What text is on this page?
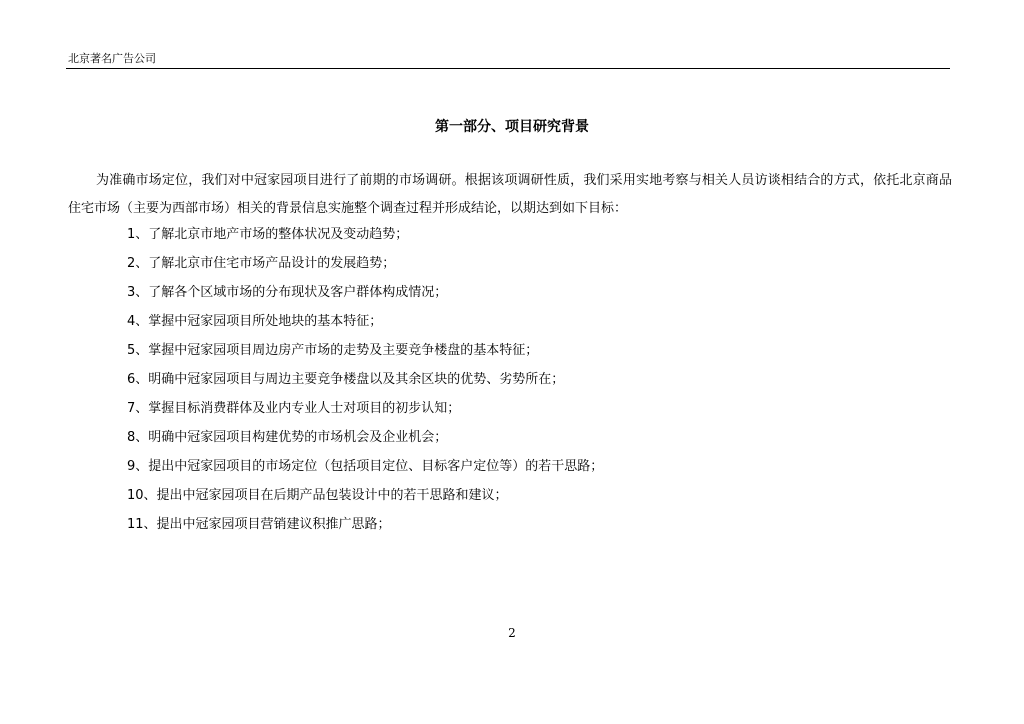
北京著名广告公司
第一部分、项目研究背景
为准确市场定位，我们对中冠家园项目进行了前期的市场调研。根据该项调研性质，我们采用实地考察与相关人员访谈相结合的方式，依托北京商品住宅市场（主要为西部市场）相关的背景信息实施整个调查过程并形成结论，以期达到如下目标：
1、了解北京市地产市场的整体状况及变动趋势；
2、了解北京市住宅市场产品设计的发展趋势；
3、了解各个区域市场的分布现状及客户群体构成情况；
4、掌握中冠家园项目所处地块的基本特征；
5、掌握中冠家园项目周边房产市场的走势及主要竞争楼盘的基本特征；
6、明确中冠家园项目与周边主要竞争楼盘以及其余区块的优势、劣势所在；
7、掌握目标消费群体及业内专业人士对项目的初步认知；
8、明确中冠家园项目构建优势的市场机会及企业机会；
9、提出中冠家园项目的市场定位（包括项目定位、目标客户定位等）的若干思路；
10、提出中冠家园项目在后期产品包装设计中的若干思路和建议；
11、提出中冠家园项目营销建议积推广思路；
2
